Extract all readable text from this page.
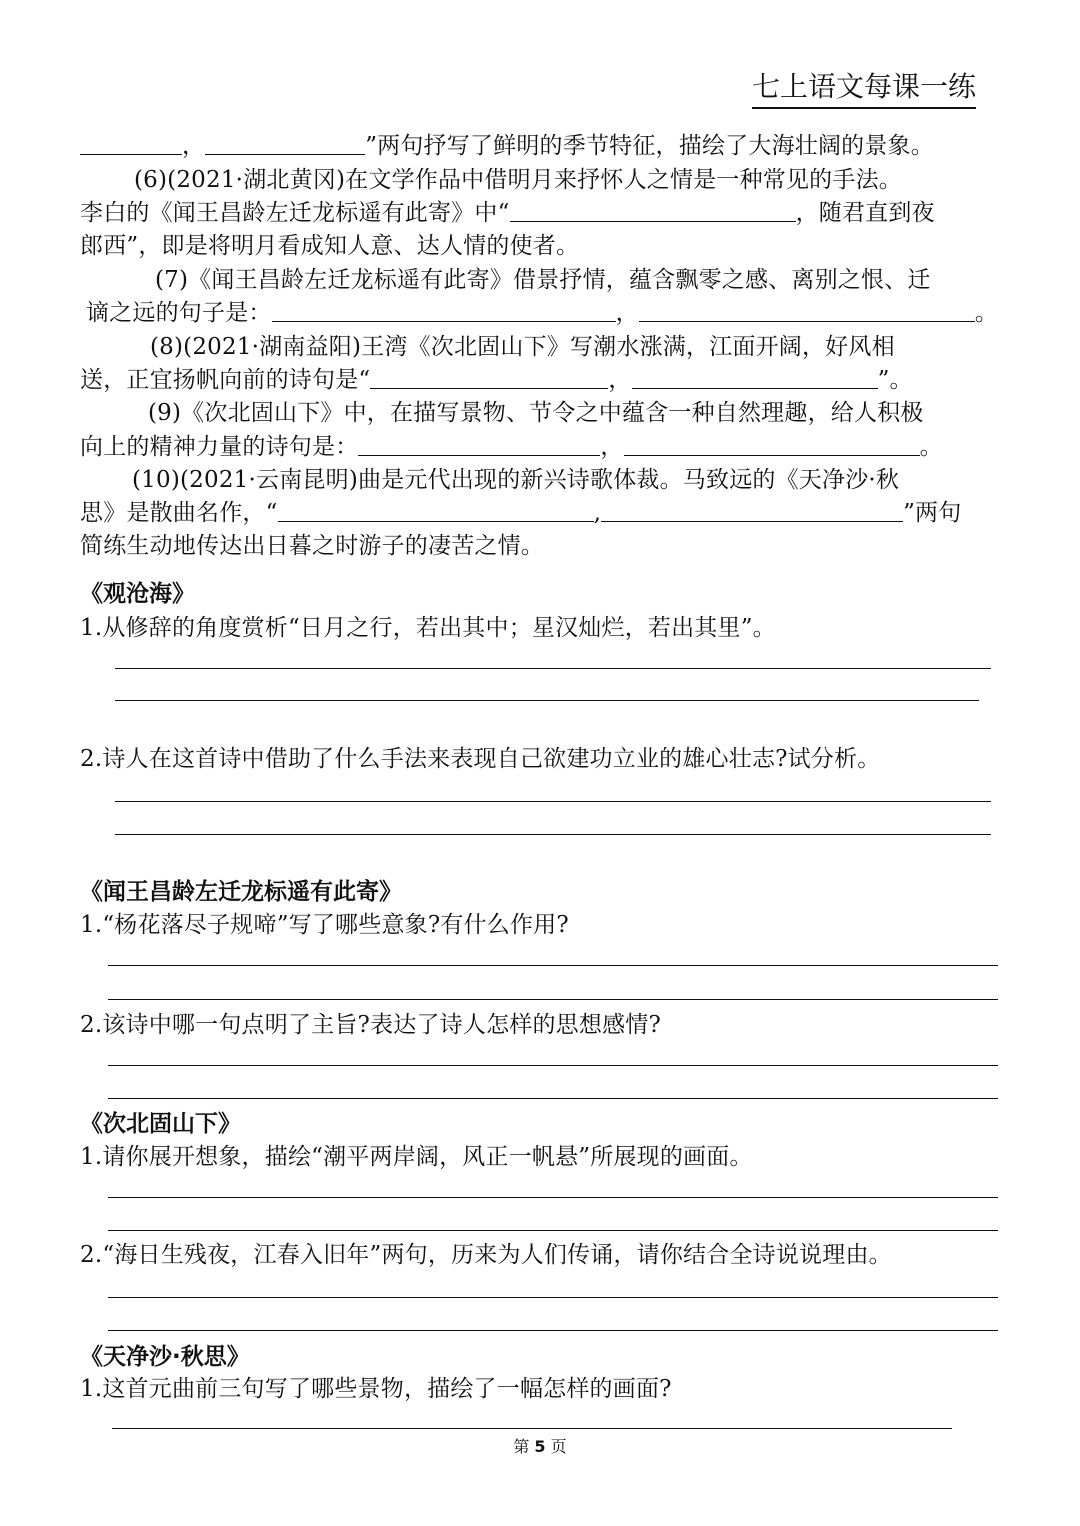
七上语文每课一练
，	”两句抒写了鲜明的季节特征，描绘了大海壮阔的景象。
(6)(2021·湖北黄冈)在文学作品中借明月来抒怀人之情是一种常见的手法。
李白的《闻王昌龄左迁龙标遥有此寄》中“	，随君直到夜
郎西”，即是将明月看成知人意、达人情的使者。
(7)《闻王昌龄左迁龙标遥有此寄》借景抒情，蕴含飘零之感、离别之恨、迁
谪之远的句子是：	，	。
(8)(2021·湖南益阳)王湾《次北固山下》写潮水涨满，江面开阔，好风相
送，正宜扬帆向前的诗句是“	，	”。
(9)《次北固山下》中，在描写景物、节令之中蕴含一种自然理趣，给人积极
向上的精神力量的诗句是：	，	。
(10)(2021·云南昆明)曲是元代出现的新兴诗歌体裁。马致远的《天净沙·秋
思》是散曲名作，“	,	”两句
简练生动地传达出日暮之时游子的凄苦之情。
《观沧海》
1.从修辞的角度赏析“日月之行，若出其中；星汉灿烂，若出其里”。
2.诗人在这首诗中借助了什么手法来表现自己欲建功立业的雄心壮志?试分析。
《闻王昌龄左迁龙标遥有此寄》
1.“杨花落尽子规啼”写了哪些意象?有什么作用?
2.该诗中哪一句点明了主旨?表达了诗人怎样的思想感情?
《次北固山下》
1.请你展开想象，描绘“潮平两岸阔，风正一帆悬”所展现的画面。
2.“海日生残夜，江春入旧年”两句，历来为人们传诵，请你结合全诗说说理由。
《天净沙·秋思》
1.这首元曲前三句写了哪些景物，描绘了一幅怎样的画面?
第 5 页
